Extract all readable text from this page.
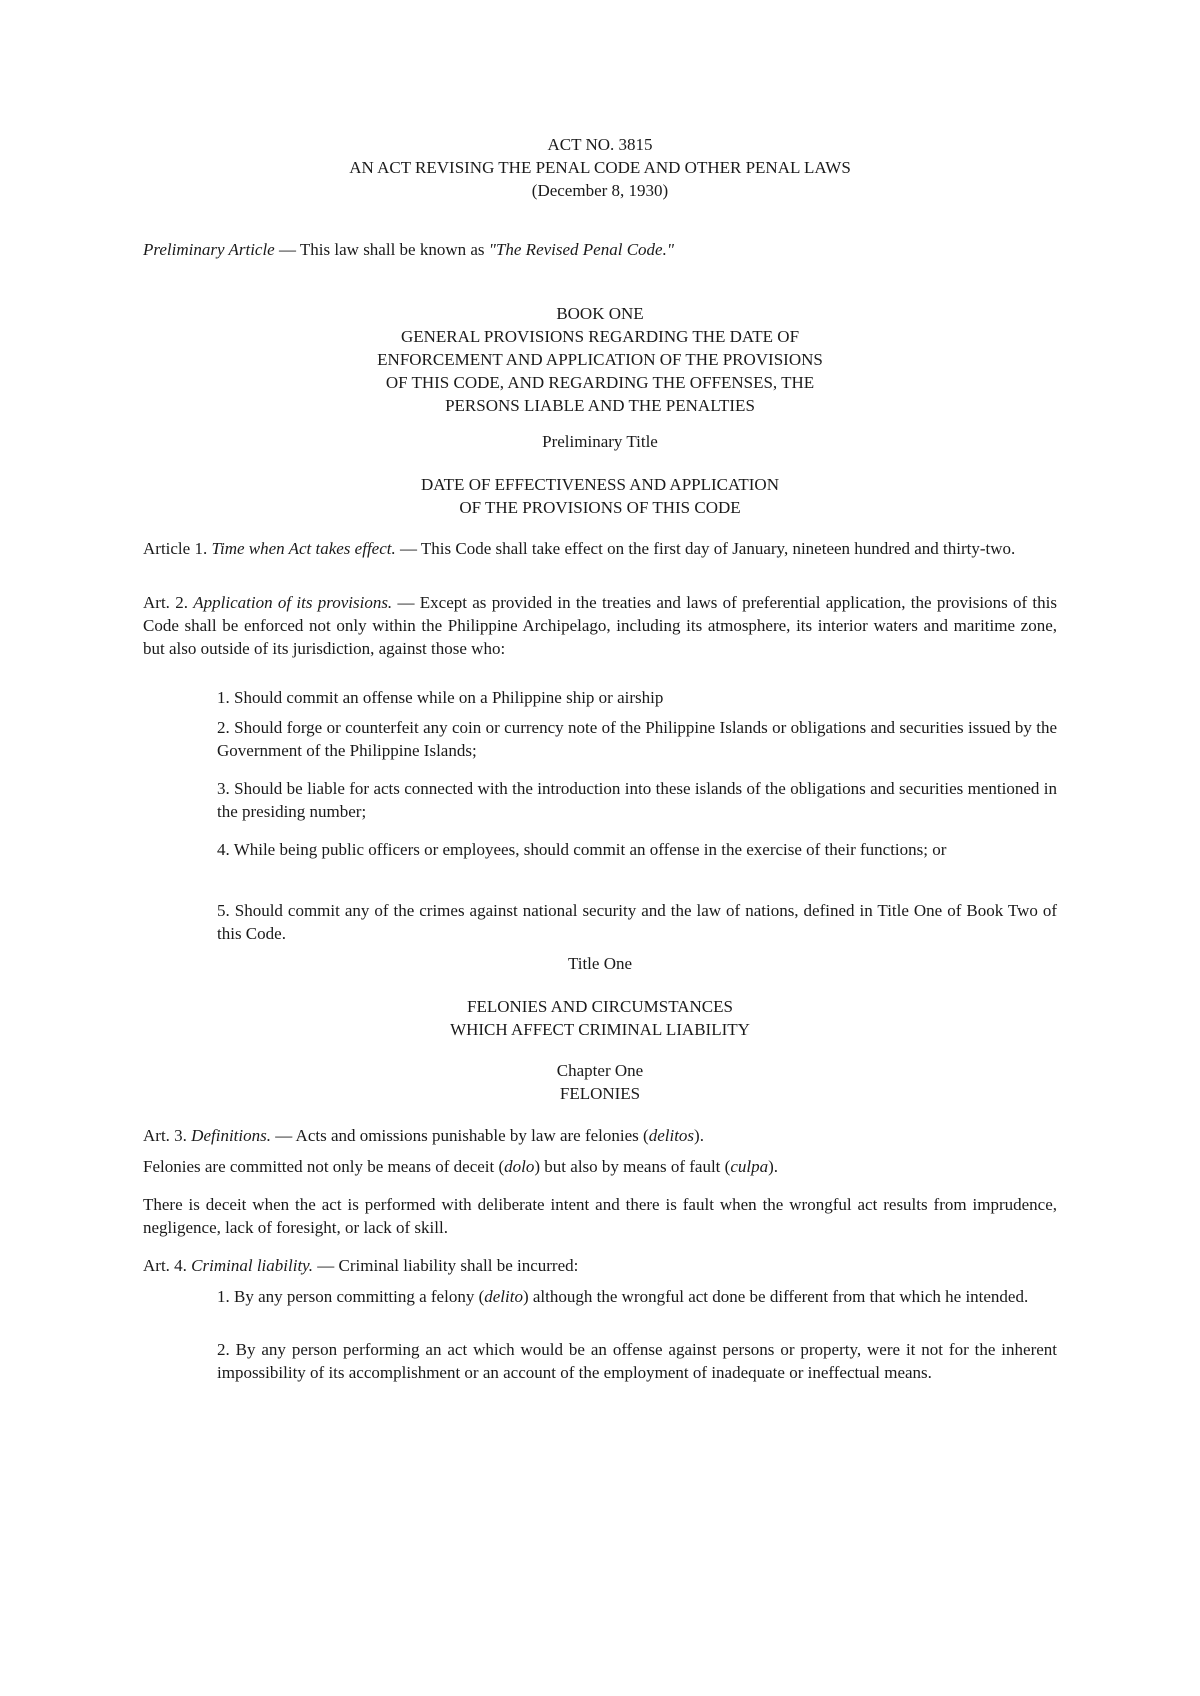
ACT NO. 3815
AN ACT REVISING THE PENAL CODE AND OTHER PENAL LAWS
(December 8, 1930)
Preliminary Article — This law shall be known as "The Revised Penal Code."
BOOK ONE
GENERAL PROVISIONS REGARDING THE DATE OF
ENFORCEMENT AND APPLICATION OF THE PROVISIONS
OF THIS CODE, AND REGARDING THE OFFENSES, THE
PERSONS LIABLE AND THE PENALTIES
Preliminary Title
DATE OF EFFECTIVENESS AND APPLICATION
OF THE PROVISIONS OF THIS CODE
Article 1. Time when Act takes effect. — This Code shall take effect on the first day of January, nineteen hundred and thirty-two.
Art. 2. Application of its provisions. — Except as provided in the treaties and laws of preferential application, the provisions of this Code shall be enforced not only within the Philippine Archipelago, including its atmosphere, its interior waters and maritime zone, but also outside of its jurisdiction, against those who:
1. Should commit an offense while on a Philippine ship or airship
2. Should forge or counterfeit any coin or currency note of the Philippine Islands or obligations and securities issued by the Government of the Philippine Islands;
3. Should be liable for acts connected with the introduction into these islands of the obligations and securities mentioned in the presiding number;
4. While being public officers or employees, should commit an offense in the exercise of their functions; or
5. Should commit any of the crimes against national security and the law of nations, defined in Title One of Book Two of this Code.
Title One
FELONIES AND CIRCUMSTANCES
WHICH AFFECT CRIMINAL LIABILITY
Chapter One
FELONIES
Art. 3. Definitions. — Acts and omissions punishable by law are felonies (delitos).
Felonies are committed not only be means of deceit (dolo) but also by means of fault (culpa).
There is deceit when the act is performed with deliberate intent and there is fault when the wrongful act results from imprudence, negligence, lack of foresight, or lack of skill.
Art. 4. Criminal liability. — Criminal liability shall be incurred:
1. By any person committing a felony (delito) although the wrongful act done be different from that which he intended.
2. By any person performing an act which would be an offense against persons or property, were it not for the inherent impossibility of its accomplishment or an account of the employment of inadequate or ineffectual means.
